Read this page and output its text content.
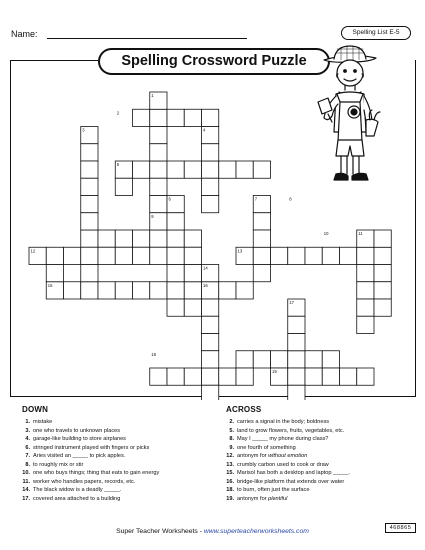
Name:	Spelling List E-5
Spelling Crossword Puzzle
1
2
3	4
5
6	7	8
9
10	11
12	13
14
15	16
17
18
19
DOWN
1. mistake
3. one who travels to unknown places
4. garage-like building to store airplanes
6. stringed instrument played with fingers or picks
7. Aries visited an _____ to pick apples.
8. to roughly mix or stir
10. one who buys things; thing that eats to gain energy
11. worker who handles papers, records, etc.
14. The black widow is a deadly _____.
17. covered area attached to a building
ACROSS
2. carries a signal in the body; boldness
5. land to grow flowers, fruits, vegetables, etc.
8. May I _____ my phone during class?
9. one fourth of something
12. antonym for without emotion
13. crumbly carbon used to cook or draw
15. Marisol has both a desktop and laptop _____.
16. bridge-like platform that extends over water
18. to burn, often just the surface
19. antonym for plentiful
Super Teacher Worksheets - www.superteacherworksheets.com	468865
